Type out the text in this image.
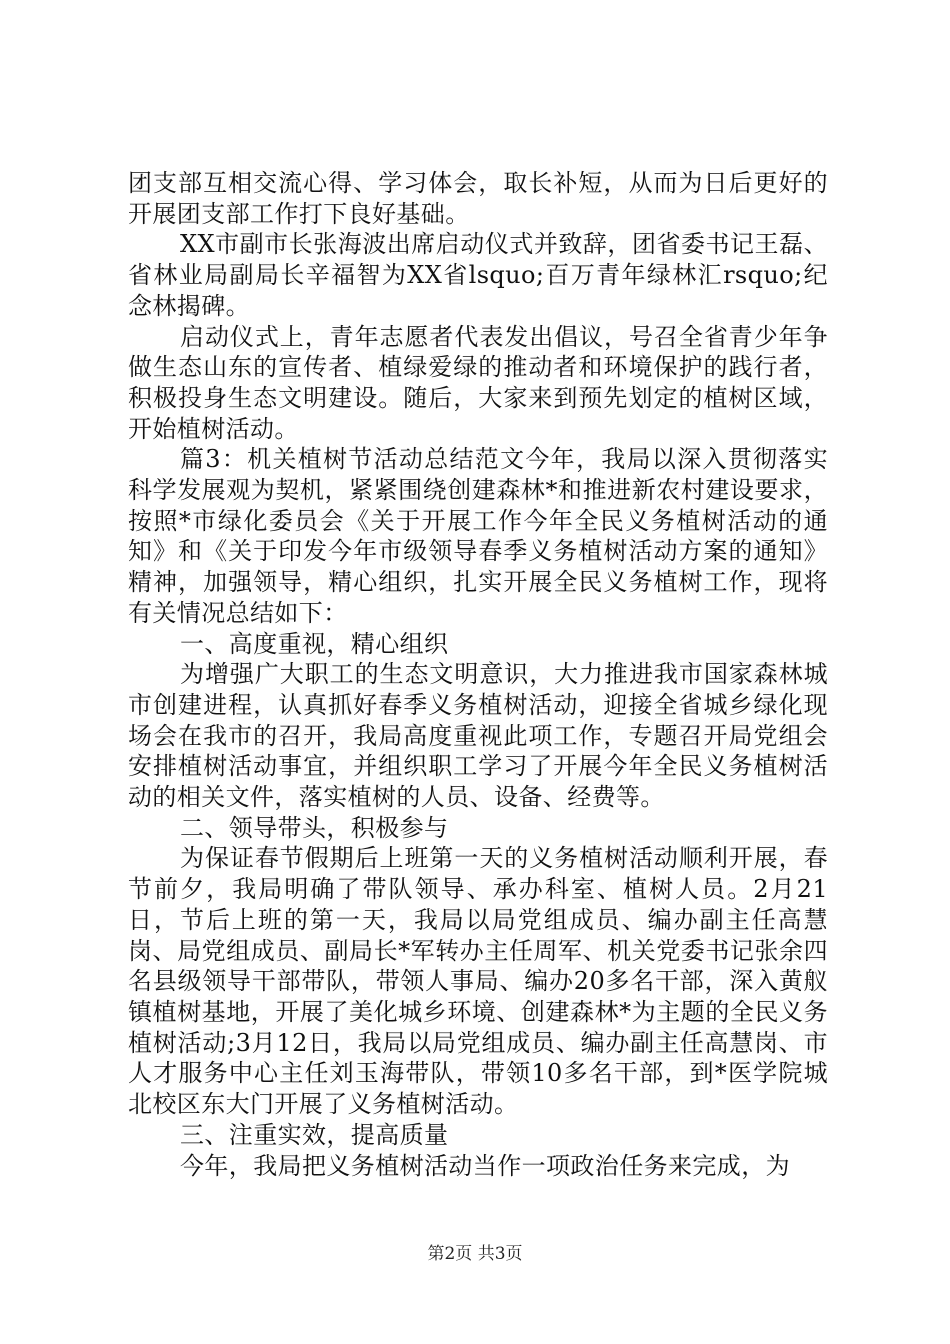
团支部互相交流心得、学习体会，取长补短，从而为日后更好的开展团支部工作打下良好基础。

XX市副市长张海波出席启动仪式并致辞，团省委书记王磊、省林业局副局长辛福智为XX省lsquo;百万青年绿林汇rsquo;纪念林揭碑。

启动仪式上，青年志愿者代表发出倡议，号召全省青少年争做生态山东的宣传者、植绿爱绿的推动者和环境保护的践行者，积极投身生态文明建设。随后，大家来到预先划定的植树区域，开始植树活动。

篇3：机关植树节活动总结范文今年，我局以深入贯彻落实科学发展观为契机，紧紧围绕创建森林*和推进新农村建设要求，按照*市绿化委员会《关于开展工作今年全民义务植树活动的通知》和《关于印发今年市级领导春季义务植树活动方案的通知》精神，加强领导，精心组织，扎实开展全民义务植树工作，现将有关情况总结如下：

一、高度重视，精心组织

为增强广大职工的生态文明意识，大力推进我市国家森林城市创建进程，认真抓好春季义务植树活动，迎接全省城乡绿化现场会在我市的召开，我局高度重视此项工作，专题召开局党组会安排植树活动事宜，并组织职工学习了开展今年全民义务植树活动的相关文件，落实植树的人员、设备、经费等。

二、领导带头，积极参与

为保证春节假期后上班第一天的义务植树活动顺利开展，春节前夕，我局明确了带队领导、承办科室、植树人员。2月21日，节后上班的第一天，我局以局党组成员、编办副主任高慧岗、局党组成员、副局长*军转办主任周军、机关党委书记张余四名县级领导干部带队，带领人事局、编办20多名干部，深入黄舣镇植树基地，开展了美化城乡环境、创建森林*为主题的全民义务植树活动;3月12日，我局以局党组成员、编办副主任高慧岗、市人才服务中心主任刘玉海带队，带领10多名干部，到*医学院城北校区东大门开展了义务植树活动。

三、注重实效，提高质量

今年，我局把义务植树活动当作一项政治任务来完成，为

第2页 共3页
